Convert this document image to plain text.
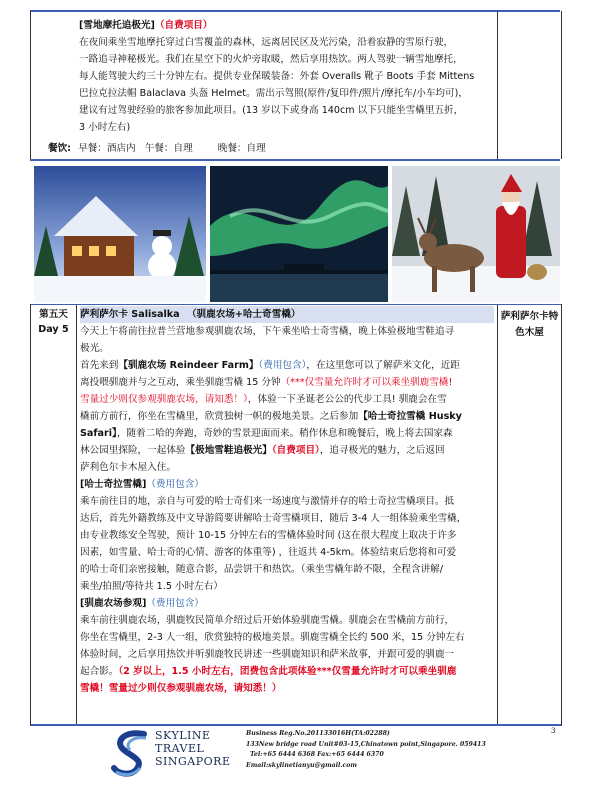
[雪地摩托追极光]（自费项目）
在夜间乘坐雪地摩托穿过白雪覆盖的森林，远离居民区及光污染，沿着寂静的雪原行驶，
一路追寻神秘极光。我们在星空下的火炉旁取暖，然后享用热饮。两人驾驶一辆雪地摩托，
每人能驾驶大约三十分钟左右。提供专业保暖装备：外套 Overalls 靴子 Boots 手套 Mittens
巴拉克拉法帽 Balaclava 头盔 Helmet。需出示驾照(原件/复印件/照片/摩托车/小车均可)，
建议有过驾驶经验的旅客参加此项目。(13 岁以下或身高 140cm 以下只能坐雪橇里五折，
3 小时左右)
餐饮: 早餐：酒店内 午餐：自理	晚餐：自理
第五天
Day 5
萨利萨尔卡特
色木屋
萨利萨尔卡 Salisalka （驯鹿农场+哈士奇雪橇）
今天上午将前往拉普兰营地参观驯鹿农场，下午乘坐哈士奇雪橇，晚上体验极地雪鞋追寻
极光。
首先来到【驯鹿农场 Reindeer Farm】（费用包含），在这里您可以了解萨米文化，近距
离投喂驯鹿并与之互动，乘坐驯鹿雪橇 15 分钟（***仅雪量允许时才可以乘坐驯鹿雪橇!
雪量过少则仅参观驯鹿农场，请知悉！），体验一下圣诞老公公的代步工具! 驯鹿会在雪
橇前方前行，你坐在雪橇里，欣赏独树一帜的极地美景。之后参加【哈士奇拉雪橇 Husky
Safari】，随着二哈的奔跑，奇妙的雪景迎面而来。稍作休息和晚餐后，晚上将去国家森
林公园里探险，一起体验【极地雪鞋追极光】（自费项目），追寻极光的魅力，之后返回
萨利色尔卡木屋入住。
[哈士奇拉雪橇]（费用包含）
乘车前往目的地，亲自与可爱的哈士奇们来一场速度与激情并存的哈士奇拉雪橇项目。抵
达后，首先外籍教练及中文导游简要讲解哈士奇雪橇项目，随后 3-4 人一组体验乘坐雪橇，
由专业教练安全驾驶，预计 10-15 分钟左右的雪橇体验时间 (这在很大程度上取决于许多
因素，如雪量、哈士奇的心情、游客的体重等) ，往返共 4-5km。体验结束后您将和可爱
的哈士奇们亲密接触，随意合影，品尝饼干和热饮。（乘坐雪橇年龄不限，全程含讲解/
乘坐/拍照/等待共 1.5 小时左右）
[驯鹿农场参观]（费用包含）
乘车前往驯鹿农场，驯鹿牧民简单介绍过后开始体验驯鹿雪橇。驯鹿会在雪橇前方前行，
你坐在雪橇里，2-3 人一组，欣赏独特的极地美景。驯鹿雪橇全长约 500 米，15 分钟左右
体验时间，之后享用热饮并听驯鹿牧民讲述一些驯鹿知识和萨米故事，并跟可爱的驯鹿一
起合影。（2 岁以上，1.5 小时左右，团费包含此项体验***仅雪量允许时才可以乘坐驯鹿
雪橇！雪量过少则仅参观驯鹿农场，请知悉！）
SKYLINE
TRAVEL
SINGAPORE
Business Reg.No.201133016H(TA:02288)
133New bridge road Unit#03-15,Chinatown point,Singapore. 059413
Tel:+65 6444 6368 Fax:+65 6444 6370
Email:skylinetianyu@gmail.com
3
